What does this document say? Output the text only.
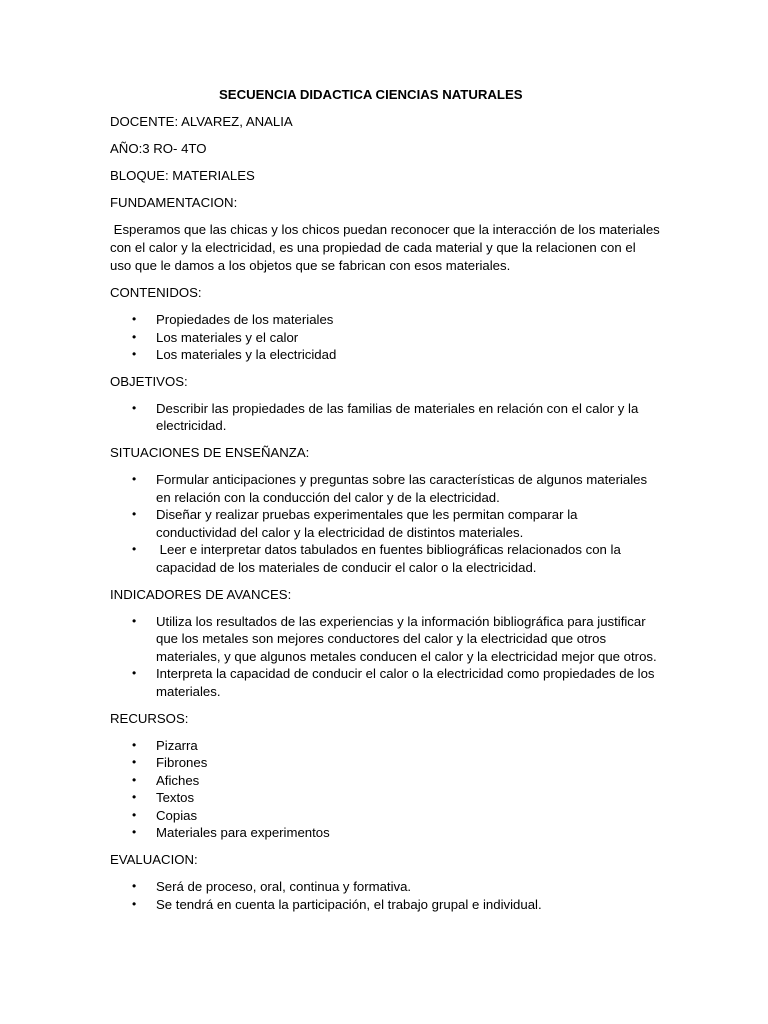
SECUENCIA DIDACTICA CIENCIAS NATURALES
DOCENTE: ALVAREZ, ANALIA
AÑO:3 RO- 4TO
BLOQUE: MATERIALES
FUNDAMENTACION:
Esperamos que las chicas y los chicos puedan reconocer que la interacción de los materiales con el calor y la electricidad, es una propiedad de cada material y que la relacionen con el uso que le damos a los objetos que se fabrican con esos materiales.
CONTENIDOS:
•	Propiedades de los materiales
•	Los materiales y el calor
•	Los materiales y la electricidad
OBJETIVOS:
•	Describir las propiedades de las familias de materiales en relación con el calor y la electricidad.
SITUACIONES DE ENSEÑANZA:
•	Formular anticipaciones y preguntas sobre las características de algunos materiales en relación con la conducción del calor y de la electricidad.
•	Diseñar y realizar pruebas experimentales que les permitan comparar la conductividad del calor y la electricidad de distintos materiales.
•	Leer e interpretar datos tabulados en fuentes bibliográficas relacionados con la capacidad de los materiales de conducir el calor o la electricidad.
INDICADORES DE AVANCES:
•	Utiliza los resultados de las experiencias y la información bibliográfica para justificar que los metales son mejores conductores del calor y la electricidad que otros materiales, y que algunos metales conducen el calor y la electricidad mejor que otros.
•	Interpreta la capacidad de conducir el calor o la electricidad como propiedades de los materiales.
RECURSOS:
•	Pizarra
•	Fibrones
•	Afiches
•	Textos
•	Copias
•	Materiales para experimentos
EVALUACION:
•	Será de proceso, oral, continua y formativa.
•	Se tendrá en cuenta la participación, el trabajo grupal e individual.
